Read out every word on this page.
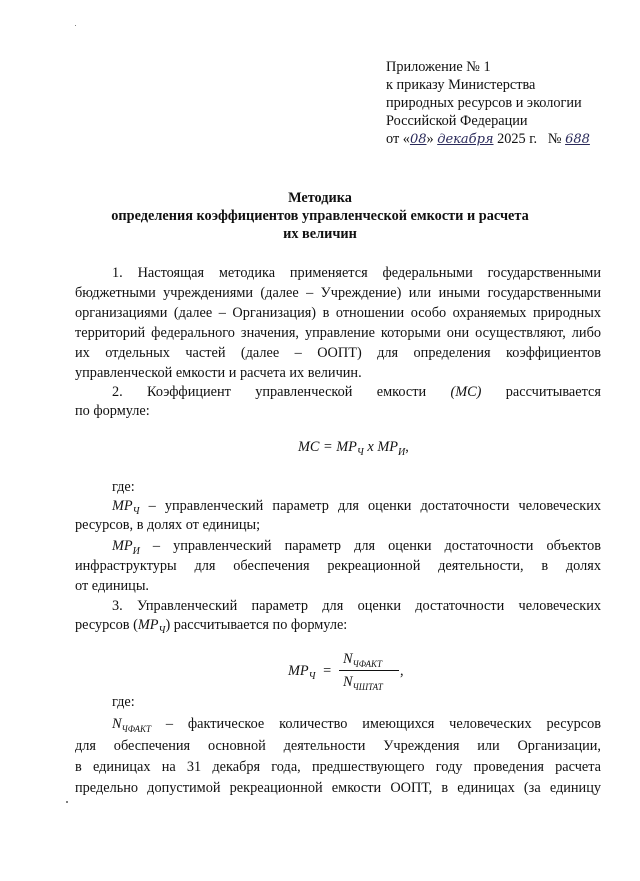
Приложение № 1
к приказу Министерства
природных ресурсов и экологии
Российской Федерации
от «08» декабря 2025 г. № 688
Методика
определения коэффициентов управленческой емкости и расчета
их величин
1. Настоящая методика применяется федеральными государственными
бюджетными учреждениями (далее – Учреждение) или иными государственными
организациями (далее – Организация) в отношении особо охраняемых природных
территорий федерального значения, управление которыми они осуществляют, либо
их отдельных частей (далее – ООПТ) для определения коэффициентов
управленческой емкости и расчета их величин.
2. Коэффициент управленческой емкости (МС) рассчитывается
по формуле:
МС = $МР_Ч$ х $МР_И$,
где:
$МР_Ч$ – управленческий параметр для оценки достаточности человеческих
ресурсов, в долях от единицы;
$МР_И$ – управленческий параметр для оценки достаточности объектов
инфраструктуры для обеспечения рекреационной деятельности, в долях
от единицы.
3. Управленческий параметр для оценки достаточности человеческих
ресурсов $(МР_Ч)$ рассчитывается по формуле:
$МР_Ч$ =
$N_{ЧФАКТ}$
$N_{ЧШТАТ}$
,
где:
$N_{ЧФАКТ}$ – фактическое количество имеющихся человеческих ресурсов
для обеспечения основной деятельности Учреждения или Организации,
в единицах на 31 декабря года, предшествующего году проведения расчета
предельно допустимой рекреационной емкости ООПТ, в единицах (за единицу
